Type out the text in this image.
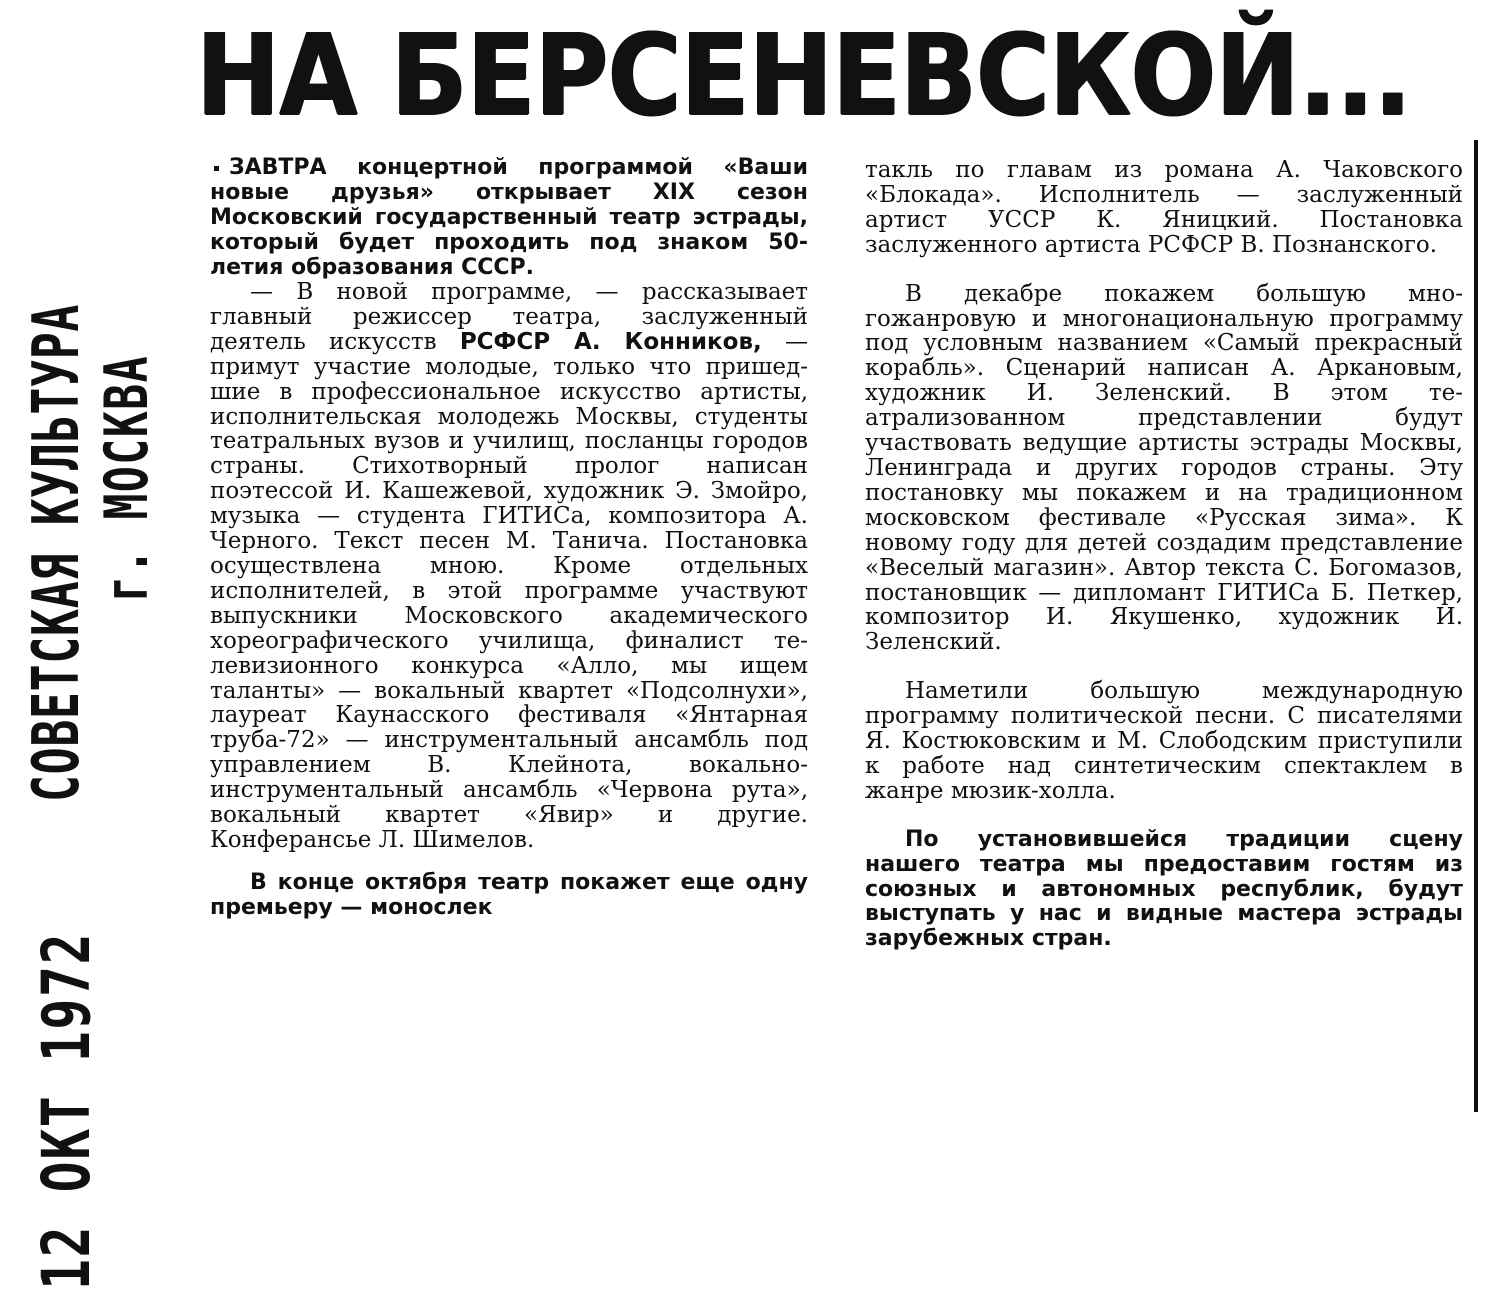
НА БЕРСЕНЕВСКОЙ...
12 ОКТ 1972
СОВЕТСКАЯ КУЛЬТУРА
г. МОСКВА

ЗАВТРА концертной программой «Ваши новые друзья» открывает XIX сезон Московский государственный театр эстрады, который будет проходить под знаком 50-летия образования СССР.

— В новой программе, — рассказывает главный режиссер театра, заслуженный деятель искусств РСФСР А. Конников, — примут участие молодые, только что пришедшие в профессиональное искусство артисты, исполнительская молодежь Москвы, студенты театральных вузов и училищ, посланцы городов страны. Стихотворный пролог написан поэтессой И. Кашежевой, художник Э. Змойро, музыка — студента ГИТИСа, композитора А. Черного. Текст песен М. Танича. Постановка осуществлена мною. Кроме отдельных исполнителей, в этой программе участвуют выпускники Московского академического хореографического училища, финалист телевизионного конкурса «Алло, мы ищем таланты» — вокальный квартет «Подсолнухи», лауреат Каунасского фестиваля «Янтарная труба-72» — инструментальный ансамбль под управлением В. Клейнота, вокально-инструментальный ансамбль «Червона рута», вокальный квартет «Явир» и другие. Конферансье Л. Шимелов.

В конце октября театр покажет еще одну премьеру — монослек

такль по главам из романа А. Чаковского «Блокада». Исполнитель — заслуженный артист УССР К. Яницкий. Постановка заслуженного артиста РСФСР В. Познанского.

В декабре покажем большую многожанровую и многонациональную программу под условным названием «Самый прекрасный корабль». Сценарий написан А. Аркановым, художник И. Зеленский. В этом театрализованном представлении будут участвовать ведущие артисты эстрады Москвы, Ленинграда и других городов страны. Эту постановку мы покажем и на традиционном московском фестивале «Русская зима». К новому году для детей создадим представление «Веселый магазин». Автор текста С. Богомазов, постановщик — дипломант ГИТИСа Б. Петкер, композитор И. Якушенко, художник И. Зеленский.

Наметили большую международную программу политической песни. С писателями Я. Костюковским и М. Слободским приступили к работе над синтетическим спектаклем в жанре мюзик-холла.

По установившейся традиции сцену нашего театра мы предоставим гостям из союзных и автономных республик, будут выступать у нас и видные мастера эстрады зарубежных стран.
